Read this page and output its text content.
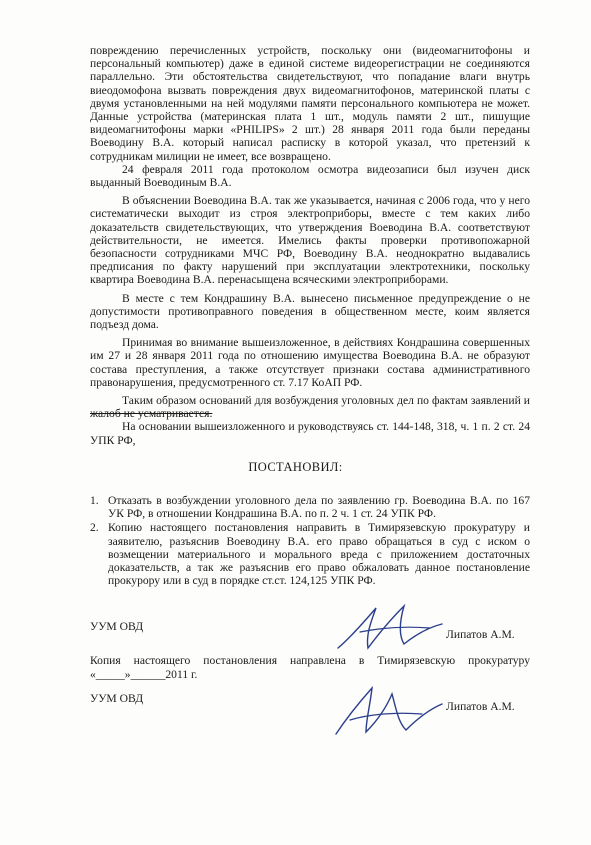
повреждению перечисленных устройств, поскольку они (видеомагнитофоны и персональный компьютер) даже в единой системе видеорегистрации не соединяются параллельно. Эти обстоятельства свидетельствуют, что попадание влаги внутрь виеодомофона вызвать повреждения двух видеомагнитофонов, материнской платы с двумя установленными на ней модулями памяти персонального компьютера не может. Данные устройства (материнская плата 1 шт., модуль памяти 2 шт., пишущие видеомагнитофоны марки «PHILIPS» 2 шт.) 28 января 2011 года были переданы Воеводину В.А. который написал расписку в которой указал, что претензий к сотрудникам милиции не имеет, все возвращено.

24 февраля 2011 года протоколом осмотра видеозаписи был изучен диск выданный Воеводиным В.А.

В объяснении Воеводина В.А. так же указывается, начиная с 2006 года, что у него систематически выходит из строя электроприборы, вместе с тем каких либо доказательств свидетельствующих, что утверждения Воеводина В.А. соответствуют действительности, не имеется. Имелись факты проверки противопожарной безопасности сотрудниками МЧС РФ, Воеводину В.А. неоднократно выдавались предписания по факту нарушений при эксплуатации электротехники, поскольку квартира Воеводина В.А. перенасыщена всяческими электроприборами.

В месте с тем Кондрашину В.А. вынесено письменное предупреждение о не допустимости противоправного поведения в общественном месте, коим является подъезд дома.

Принимая во внимание вышеизложенное, в действиях Кондрашина совершенных им 27 и 28 января 2011 года по отношению имущества Воеводина В.А. не образуют состава преступления, а также отсутствует признаки состава административного правонарушения, предусмотренного ст. 7.17 КоАП РФ.

Таким образом оснований для возбуждения уголовных дел по фактам заявлений и жалоб не усматривается.

На основании вышеизложенного и руководствуясь ст. 144-148, 318, ч. 1 п. 2 ст. 24 УПК РФ,

ПОСТАНОВИЛ:
1. Отказать в возбуждении уголовного дела по заявлению гр. Воеводина В.А. по 167 УК РФ, в отношении Кондрашина В.А. по п. 2 ч. 1 ст. 24 УПК РФ.
2. Копию настоящего постановления направить в Тимирязевскую прокуратуру и заявителю, разъяснив Воеводину В.А. его право обращаться в суд с иском о возмещении материального и морального вреда с приложением достаточных доказательств, а так же разъяснив его право обжаловать данное постановление прокурору или в суд в порядке ст.ст. 124,125 УПК РФ.
УУМ ОВД
Липатов А.М.
Копия настоящего постановления направлена в Тимирязевскую прокуратуру «_____»______2011 г.
УУМ ОВД
Липатов А.М.
